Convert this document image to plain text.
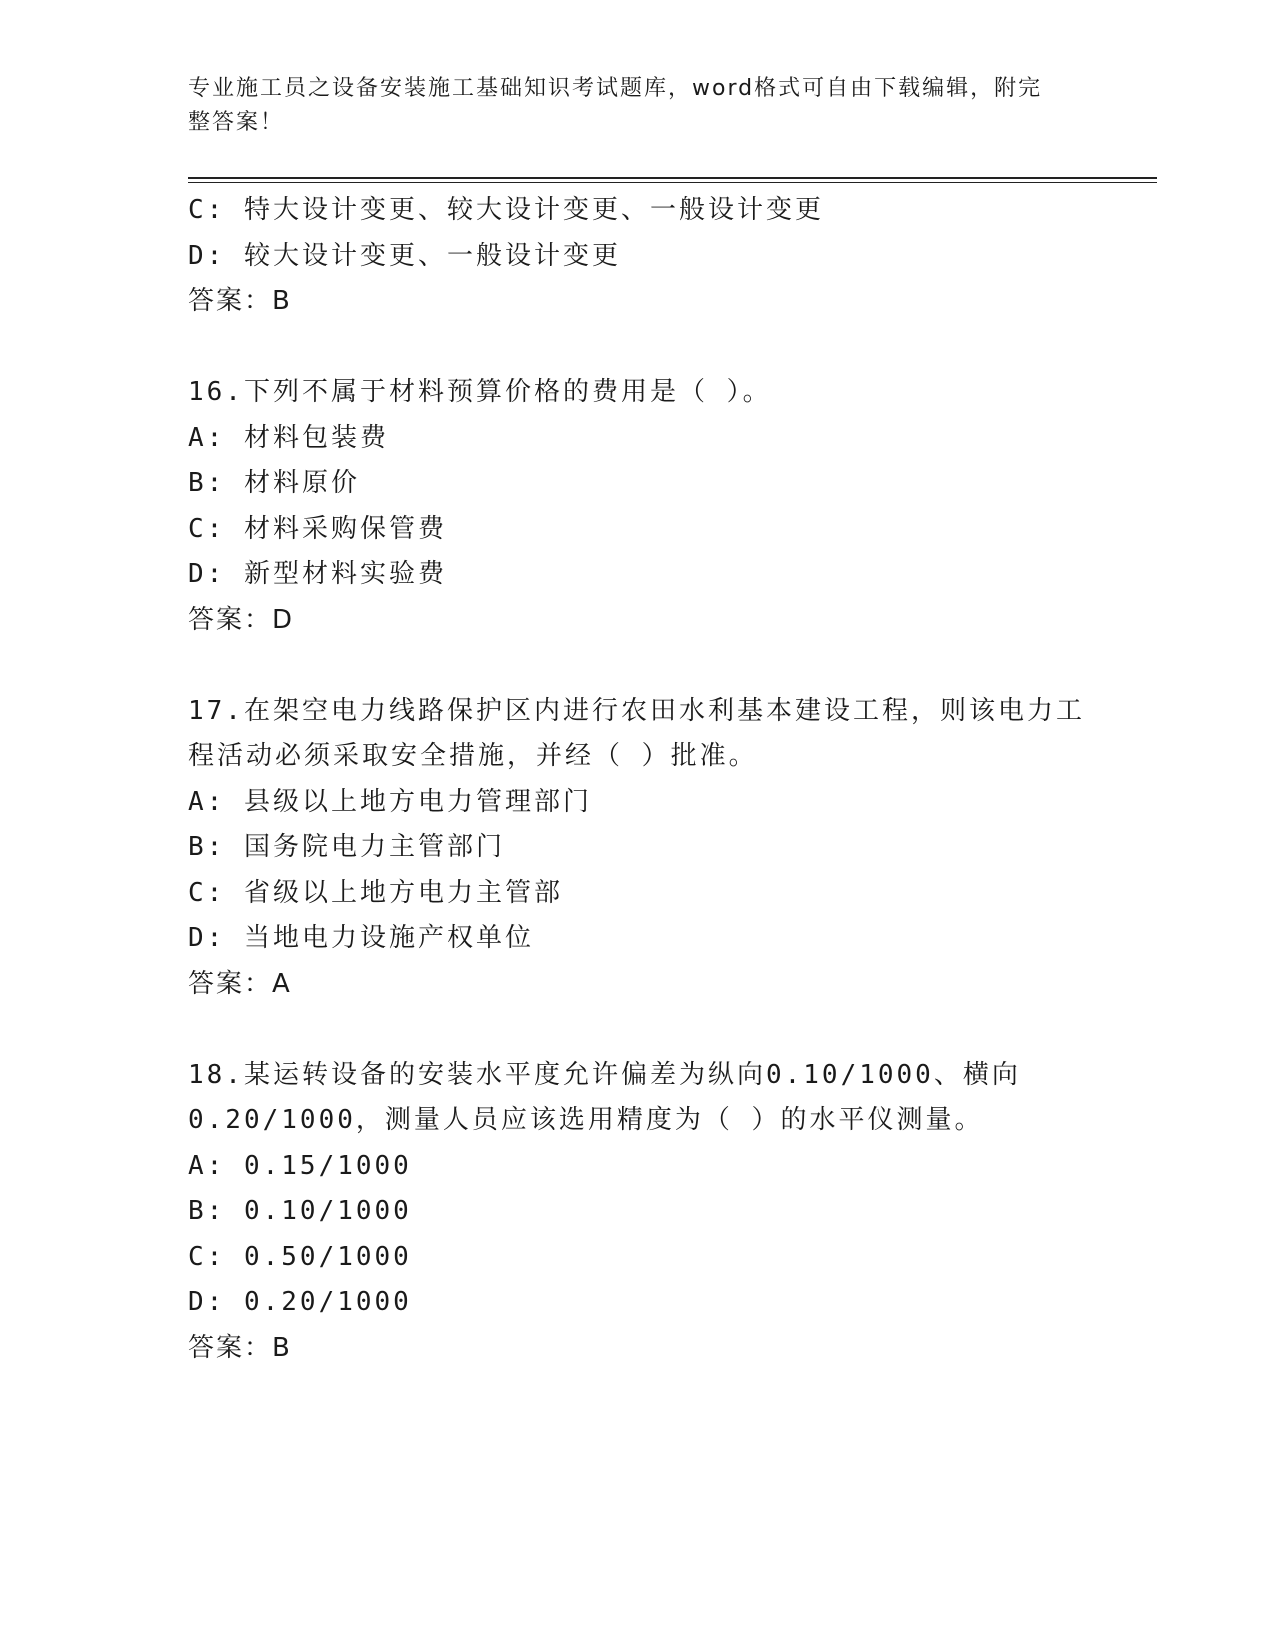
专业施工员之设备安装施工基础知识考试题库，word格式可自由下载编辑，附完
整答案！
C: 特大设计变更、较大设计变更、一般设计变更
D: 较大设计变更、一般设计变更
答案：B
16.下列不属于材料预算价格的费用是（ ）。
A: 材料包装费
B: 材料原价
C: 材料采购保管费
D: 新型材料实验费
答案：D
17.在架空电力线路保护区内进行农田水利基本建设工程，则该电力工
程活动必须采取安全措施，并经（ ）批准。
A: 县级以上地方电力管理部门
B: 国务院电力主管部门
C: 省级以上地方电力主管部
D: 当地电力设施产权单位
答案：A
18.某运转设备的安装水平度允许偏差为纵向0.10/1000、横向
0.20/1000，测量人员应该选用精度为（ ）的水平仪测量。
A: 0.15/1000
B: 0.10/1000
C: 0.50/1000
D: 0.20/1000
答案：B
